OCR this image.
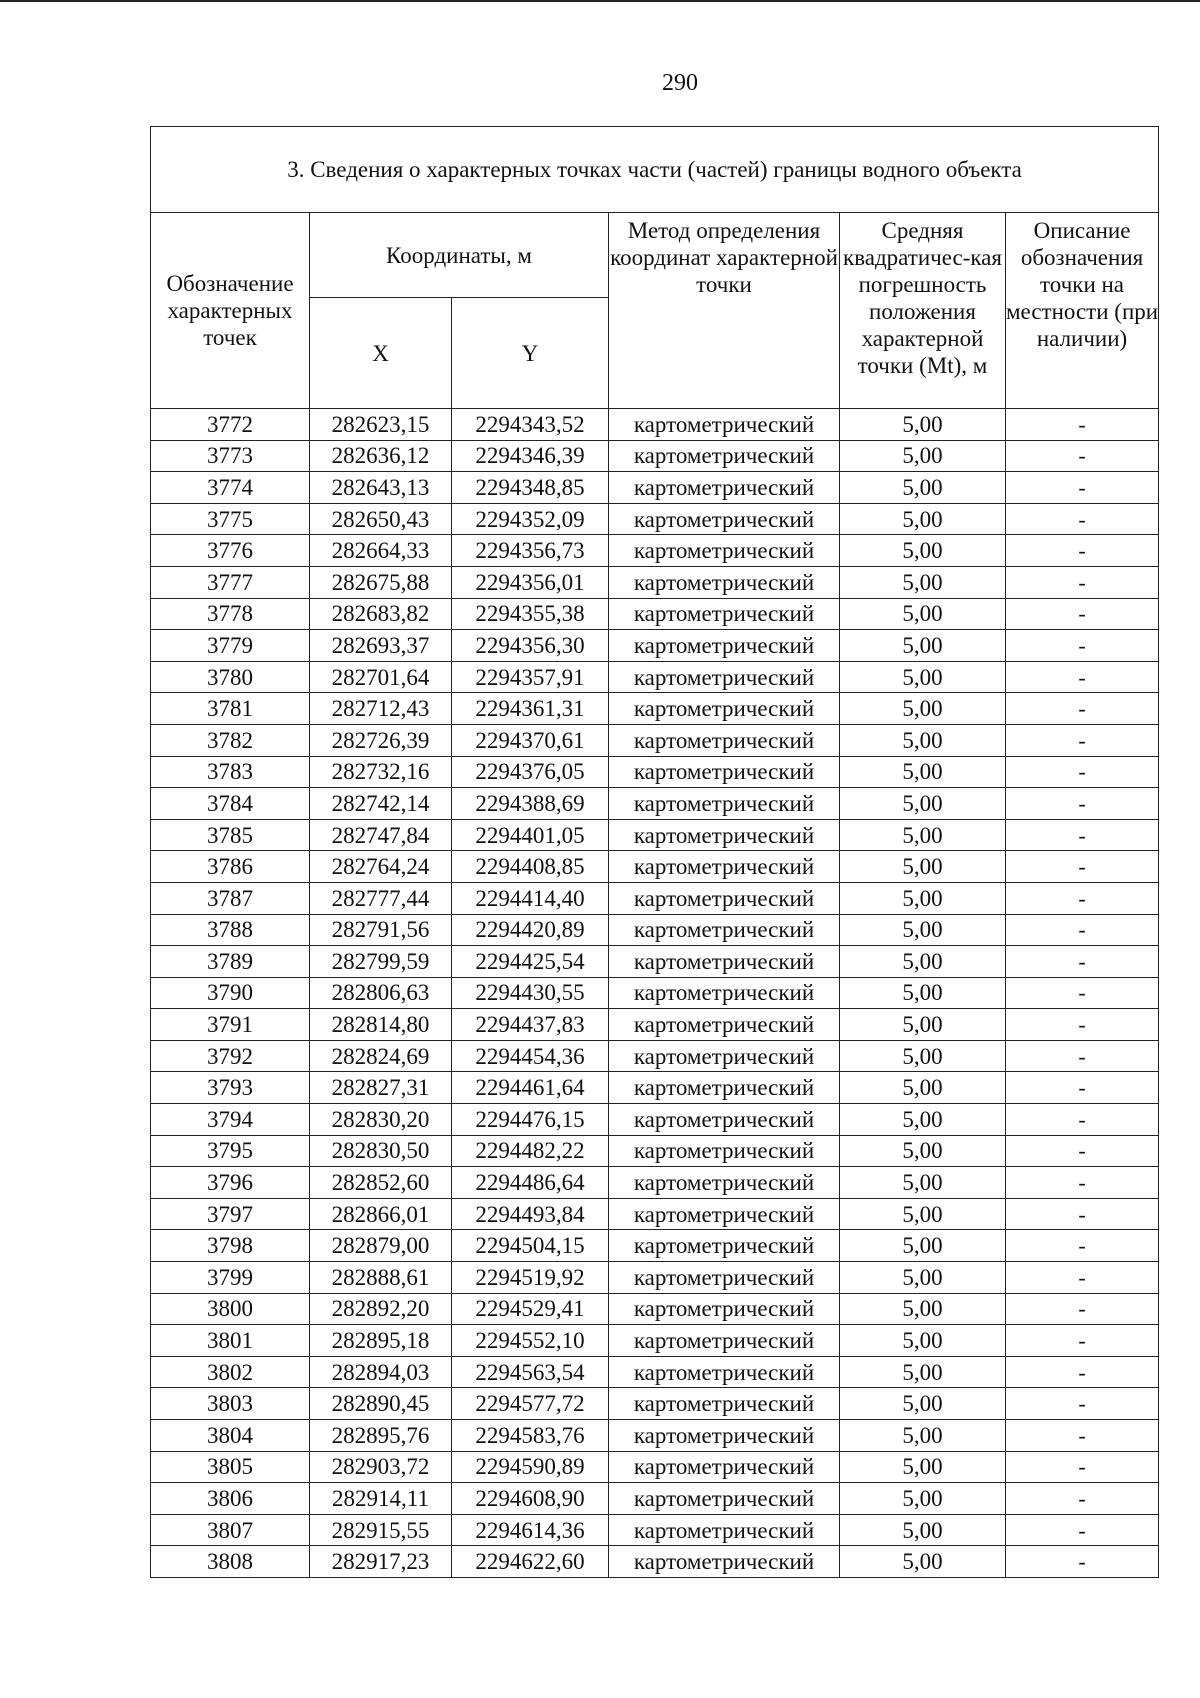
290
3. Сведения о характерных точках части (частей) границы водного объекта					
Обозначение характерных точек	Координаты, м		Метод определения координат характерной точки	Средняя квадратичес-кая погрешность положения характерной точки (Mt), м	Описание обозначения точки на местности (при наличии)
	X	Y			
3772	282623,15	2294343,52	картометрический	5,00	-
3773	282636,12	2294346,39	картометрический	5,00	-
3774	282643,13	2294348,85	картометрический	5,00	-
3775	282650,43	2294352,09	картометрический	5,00	-
3776	282664,33	2294356,73	картометрический	5,00	-
3777	282675,88	2294356,01	картометрический	5,00	-
3778	282683,82	2294355,38	картометрический	5,00	-
3779	282693,37	2294356,30	картометрический	5,00	-
3780	282701,64	2294357,91	картометрический	5,00	-
3781	282712,43	2294361,31	картометрический	5,00	-
3782	282726,39	2294370,61	картометрический	5,00	-
3783	282732,16	2294376,05	картометрический	5,00	-
3784	282742,14	2294388,69	картометрический	5,00	-
3785	282747,84	2294401,05	картометрический	5,00	-
3786	282764,24	2294408,85	картометрический	5,00	-
3787	282777,44	2294414,40	картометрический	5,00	-
3788	282791,56	2294420,89	картометрический	5,00	-
3789	282799,59	2294425,54	картометрический	5,00	-
3790	282806,63	2294430,55	картометрический	5,00	-
3791	282814,80	2294437,83	картометрический	5,00	-
3792	282824,69	2294454,36	картометрический	5,00	-
3793	282827,31	2294461,64	картометрический	5,00	-
3794	282830,20	2294476,15	картометрический	5,00	-
3795	282830,50	2294482,22	картометрический	5,00	-
3796	282852,60	2294486,64	картометрический	5,00	-
3797	282866,01	2294493,84	картометрический	5,00	-
3798	282879,00	2294504,15	картометрический	5,00	-
3799	282888,61	2294519,92	картометрический	5,00	-
3800	282892,20	2294529,41	картометрический	5,00	-
3801	282895,18	2294552,10	картометрический	5,00	-
3802	282894,03	2294563,54	картометрический	5,00	-
3803	282890,45	2294577,72	картометрический	5,00	-
3804	282895,76	2294583,76	картометрический	5,00	-
3805	282903,72	2294590,89	картометрический	5,00	-
3806	282914,11	2294608,90	картометрический	5,00	-
3807	282915,55	2294614,36	картометрический	5,00	-
3808	282917,23	2294622,60	картометрический	5,00	-
